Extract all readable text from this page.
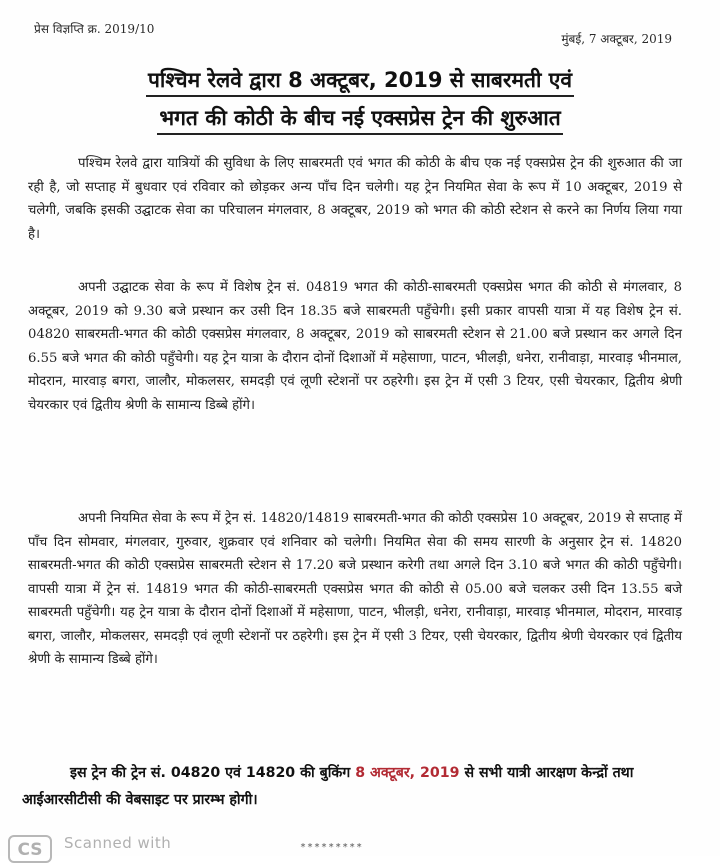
प्रेस विज्ञप्ति क्र. 2019/10
मुंबई, 7 अक्टूबर, 2019
पश्चिम रेलवे द्वारा 8 अक्टूबर, 2019 से साबरमती एवं
भगत की कोठी के बीच नई एक्सप्रेस ट्रेन की शुरुआत

पश्चिम रेलवे द्वारा यात्रियों की सुविधा के लिए साबरमती एवं भगत की कोठी के बीच एक नई एक्सप्रेस ट्रेन की शुरुआत की जा रही है, जो सप्ताह में बुधवार एवं रविवार को छोड़कर अन्य पाँच दिन चलेगी। यह ट्रेन नियमित सेवा के रूप में 10 अक्टूबर, 2019 से चलेगी, जबकि इसकी उद्घाटक सेवा का परिचालन मंगलवार, 8 अक्टूबर, 2019 को भगत की कोठी स्टेशन से करने का निर्णय लिया गया है।

अपनी उद्घाटक सेवा के रूप में विशेष ट्रेन सं. 04819 भगत की कोठी-साबरमती एक्सप्रेस भगत की कोठी से मंगलवार, 8 अक्टूबर, 2019 को 9.30 बजे प्रस्थान कर उसी दिन 18.35 बजे साबरमती पहुँचेगी। इसी प्रकार वापसी यात्रा में यह विशेष ट्रेन सं. 04820 साबरमती-भगत की कोठी एक्सप्रेस मंगलवार, 8 अक्टूबर, 2019 को साबरमती स्टेशन से 21.00 बजे प्रस्थान कर अगले दिन 6.55 बजे भगत की कोठी पहुँचेगी। यह ट्रेन यात्रा के दौरान दोनों दिशाओं में महेसाणा, पाटन, भीलड़ी, धनेरा, रानीवाड़ा, मारवाड़ भीनमाल, मोदरान, मारवाड़ बगरा, जालौर, मोकलसर, समदड़ी एवं लूणी स्टेशनों पर ठहरेगी। इस ट्रेन में एसी 3 टियर, एसी चेयरकार, द्वितीय श्रेणी चेयरकार एवं द्वितीय श्रेणी के सामान्य डिब्बे होंगे।

अपनी नियमित सेवा के रूप में ट्रेन सं. 14820/14819 साबरमती-भगत की कोठी एक्सप्रेस 10 अक्टूबर, 2019 से सप्ताह में पाँच दिन सोमवार, मंगलवार, गुरुवार, शुक्रवार एवं शनिवार को चलेगी। नियमित सेवा की समय सारणी के अनुसार ट्रेन सं. 14820 साबरमती-भगत की कोठी एक्सप्रेस साबरमती स्टेशन से 17.20 बजे प्रस्थान करेगी तथा अगले दिन 3.10 बजे भगत की कोठी पहुँचेगी। वापसी यात्रा में ट्रेन सं. 14819 भगत की कोठी-साबरमती एक्सप्रेस भगत की कोठी से 05.00 बजे चलकर उसी दिन 13.55 बजे साबरमती पहुँचेगी। यह ट्रेन यात्रा के दौरान दोनों दिशाओं में महेसाणा, पाटन, भीलड़ी, धनेरा, रानीवाड़ा, मारवाड़ भीनमाल, मोदरान, मारवाड़ बगरा, जालौर, मोकलसर, समदड़ी एवं लूणी स्टेशनों पर ठहरेगी। इस ट्रेन में एसी 3 टियर, एसी चेयरकार, द्वितीय श्रेणी चेयरकार एवं द्वितीय श्रेणी के सामान्य डिब्बे होंगे।

इस ट्रेन की ट्रेन सं. 04820 एवं 14820 की बुकिंग 8 अक्टूबर, 2019 से सभी यात्री आरक्षण केन्द्रों तथा आईआरसीटीसी की वेबसाइट पर प्रारम्भ होगी।

CS	Scanned with	*********
